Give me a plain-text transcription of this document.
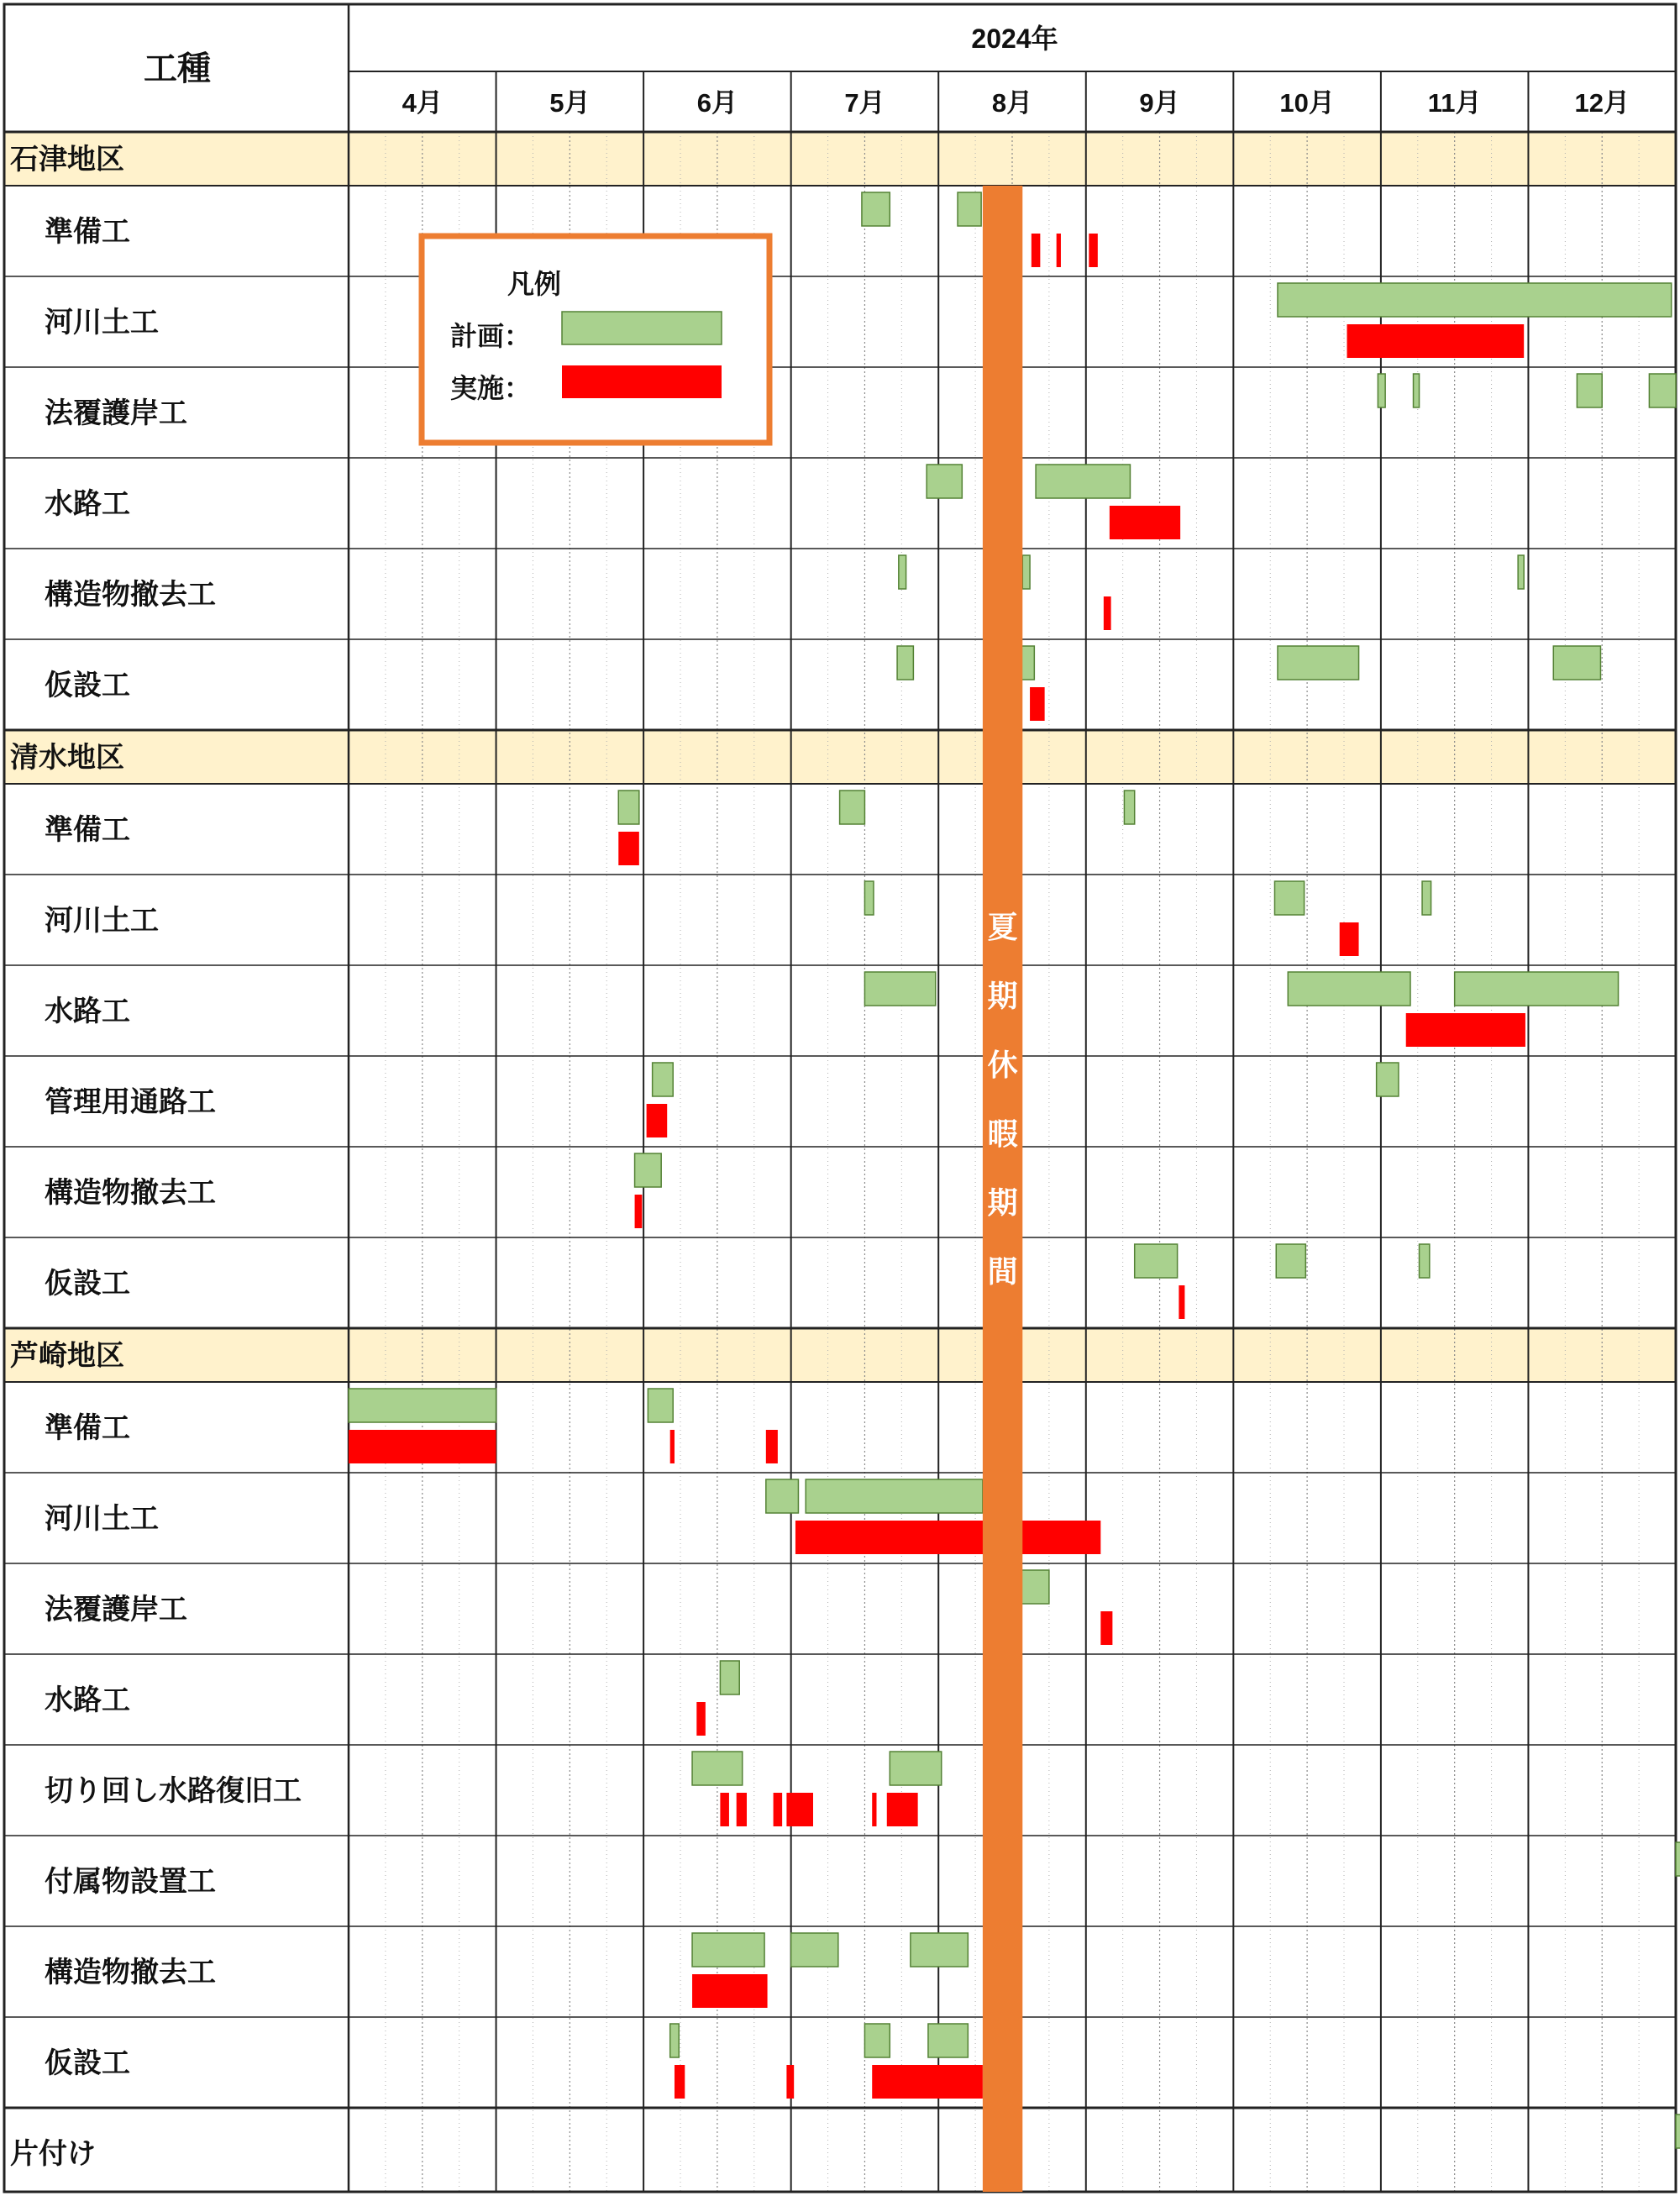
夏期休暇期間
石津地区
準備工
河川土工
法覆護岸工
水路工
構造物撤去工
仮設工
清水地区
準備工
河川土工
水路工
管理用通路工
構造物撤去工
仮設工
芦崎地区
準備工
河川土工
法覆護岸工
水路工
切り回し水路復旧工
付属物設置工
構造物撤去工
仮設工
片付け
工種
2024年
4月	5月	6月	7月	8月	9月	10月	11月	12月
凡例
計画：
実施：
